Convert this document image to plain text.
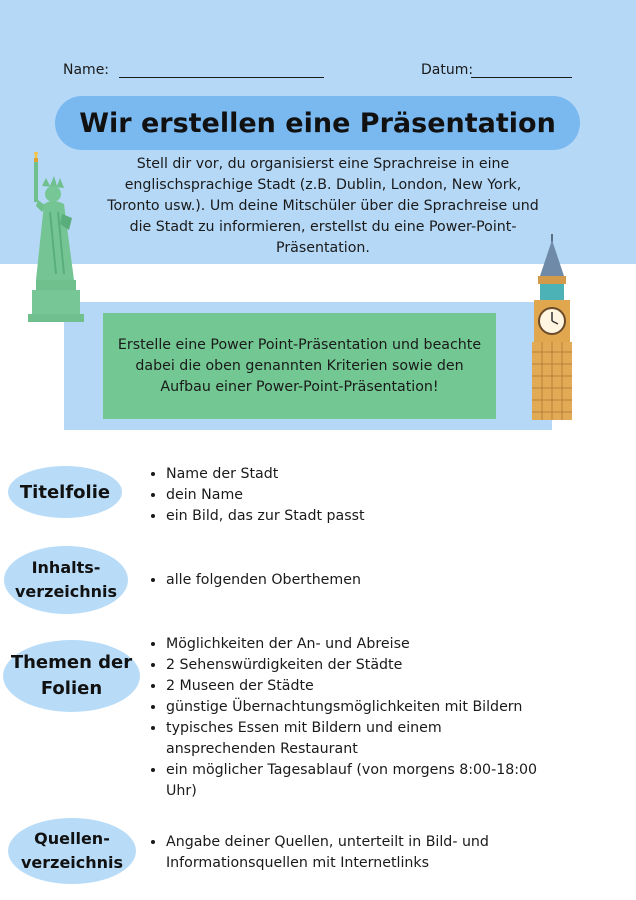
Name:	Datum:
Wir erstellen eine Präsentation
Stell dir vor, du organisierst eine Sprachreise in eine englischsprachige Stadt (z.B. Dublin, London, New York, Toronto usw.). Um deine Mitschüler über die Sprachreise und die Stadt zu informieren, erstellst du eine Power-Point-Präsentation.
Erstelle eine Power Point-Präsentation und beachte dabei die oben genannten Kriterien sowie den Aufbau einer Power-Point-Präsentation!
Titelfolie
• Name der Stadt
• dein Name
• ein Bild, das zur Stadt passt
Inhalts- verzeichnis
• alle folgenden Oberthemen
Themen der Folien
• Möglichkeiten der An- und Abreise
• 2 Sehenswürdigkeiten der Städte
• 2 Museen der Städte
• günstige Übernachtungsmöglichkeiten mit Bildern
• typisches Essen mit Bildern und einem ansprechenden Restaurant
• ein möglicher Tagesablauf (von morgens 8:00-18:00 Uhr)
Quellen- verzeichnis
• Angabe deiner Quellen, unterteilt in Bild- und Informationsquellen mit Internetlinks
